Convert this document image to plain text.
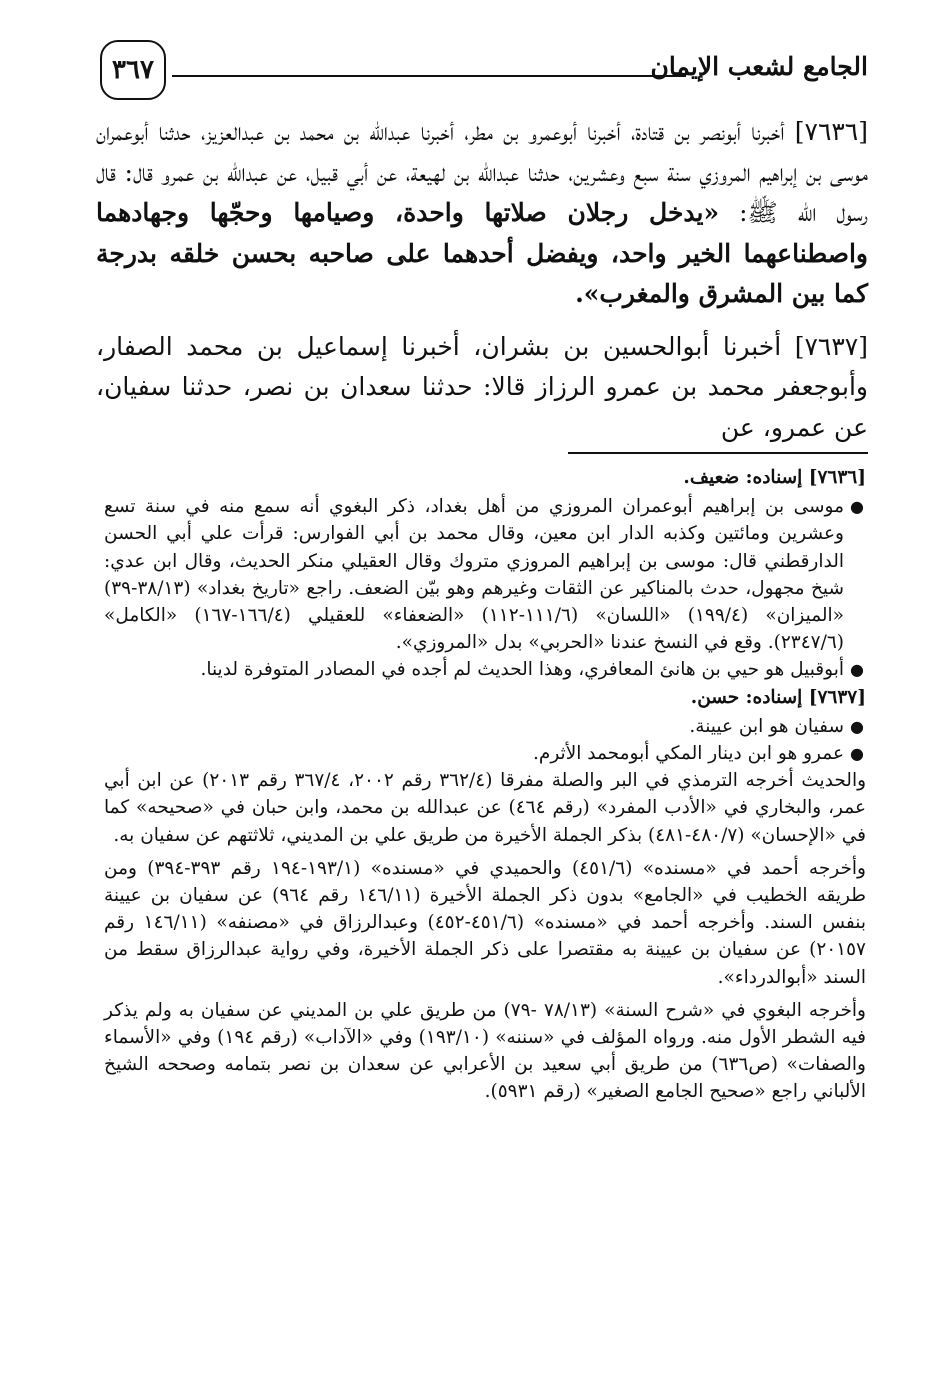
الجامع لشعب الإيمان
٣٦٧

[٧٦٣٦] أخبرنا أبونصر بن قتادة، أخبرنا أبوعمرو بن مطر، أخبرنا عبدالله بن محمد بن عبدالعزيز، حدثنا أبوعمران موسى بن إبراهيم المروزي سنة سبع وعشرين، حدثنا عبدالله بن لهيعة، عن أبي قبيل، عن عبدالله بن عمرو قال: قال رسول الله ﷺ: «يدخل رجلان صلاتها واحدة، وصيامها وحجّها وجهادهما واصطناعهما الخير واحد، ويفضل أحدهما على صاحبه بحسن خلقه بدرجة كما بين المشرق والمغرب».

[٧٦٣٧] أخبرنا أبوالحسين بن بشران، أخبرنا إسماعيل بن محمد الصفار، وأبوجعفر محمد بن عمرو الرزاز قالا: حدثنا سعدان بن نصر، حدثنا سفيان، عن عمرو، عن

[٧٦٣٦] إسناده: ضعيف.

●
موسى بن إبراهيم أبوعمران المروزي من أهل بغداد، ذكر البغوي أنه سمع منه في سنة تسع وعشرين ومائتين وكذبه الدار ابن معين، وقال محمد بن أبي الفوارس: قرأت علي أبي الحسن الدارقطني قال: موسى بن إبراهيم المروزي متروك وقال العقيلي منكر الحديث، وقال ابن عدي: شيخ مجهول، حدث بالمناكير عن الثقات وغيرهم وهو بيّن الضعف. راجع «تاريخ بغداد» (٣٨/١٣-٣٩) «الميزان» (١٩٩/٤) «اللسان» (١١١/٦-١١٢) «الضعفاء» للعقيلي (١٦٦/٤-١٦٧) «الكامل» (٢٣٤٧/٦). وقع في النسخ عندنا «الحربي» بدل «المروزي».

●
أبوقبيل هو حيي بن هانئ المعافري، وهذا الحديث لم أجده في المصادر المتوفرة لدينا.

[٧٦٣٧] إسناده: حسن.

●
سفيان هو ابن عيينة.

●
عمرو هو ابن دينار المكي أبومحمد الأثرم.

والحديث أخرجه الترمذي في البر والصلة مفرقا (٣٦٢/٤ رقم ٢٠٠٢، ٣٦٧/٤ رقم ٢٠١٣) عن ابن أبي عمر، والبخاري في «الأدب المفرد» (رقم ٤٦٤) عن عبدالله بن محمد، وابن حبان في «صحيحه» كما في «الإحسان» (٤٨٠/٧-٤٨١) بذكر الجملة الأخيرة من طريق علي بن المديني، ثلاثتهم عن سفيان به.

وأخرجه أحمد في «مسنده» (٤٥١/٦) والحميدي في «مسنده» (١٩٣/١-١٩٤ رقم ٣٩٣-٣٩٤) ومن طريقه الخطيب في «الجامع» بدون ذكر الجملة الأخيرة (١٤٦/١١ رقم ٩٦٤) عن سفيان بن عيينة بنفس السند. وأخرجه أحمد في «مسنده» (٤٥١/٦-٤٥٢) وعبدالرزاق في «مصنفه» (١٤٦/١١ رقم ٢٠١٥٧) عن سفيان بن عيينة به مقتصرا على ذكر الجملة الأخيرة، وفي رواية عبدالرزاق سقط من السند «أبوالدرداء».

وأخرجه البغوي في «شرح السنة» (٧٨/١٣ -٧٩) من طريق علي بن المديني عن سفيان به ولم يذكر فيه الشطر الأول منه. ورواه المؤلف في «سننه» (١٩٣/١٠) وفي «الآداب» (رقم ١٩٤) وفي «الأسماء والصفات» (ص٦٣٦) من طريق أبي سعيد بن الأعرابي عن سعدان بن نصر بتمامه وصححه الشيخ الألباني راجع «صحيح الجامع الصغير» (رقم ٥٩٣١).
